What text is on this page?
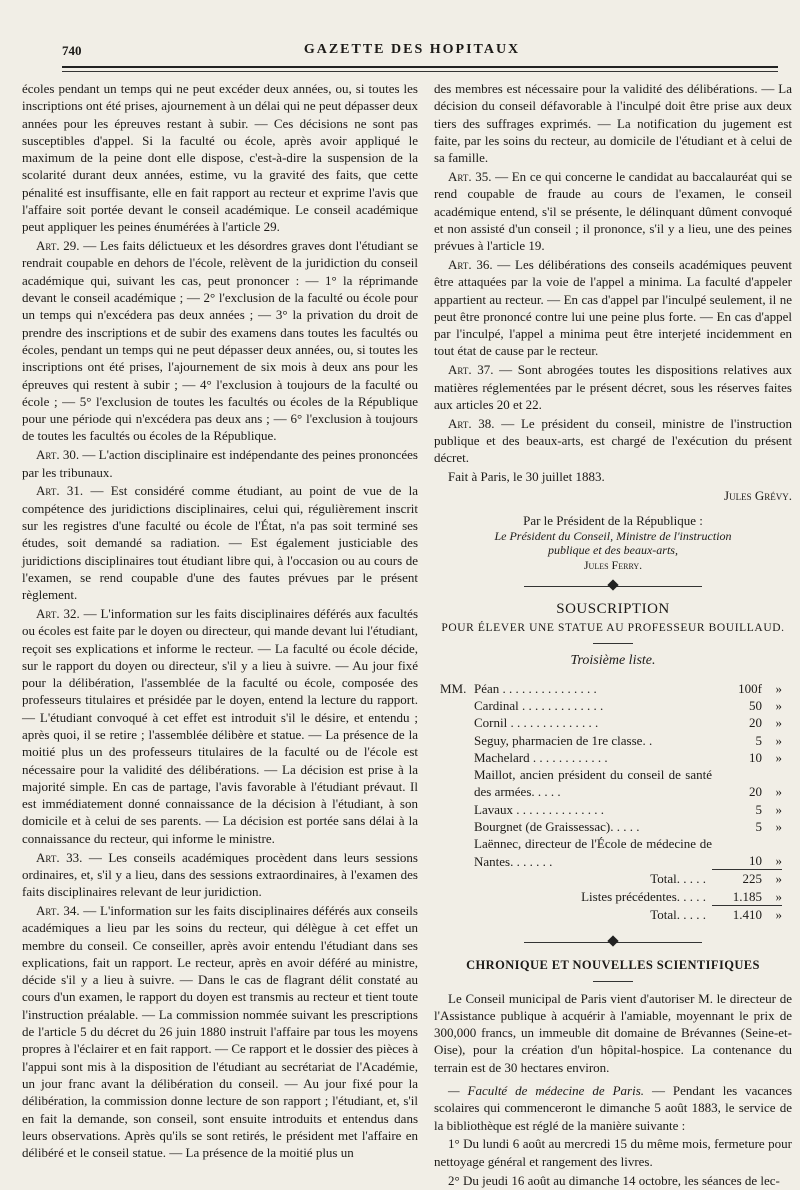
740	GAZETTE DES HOPITAUX

écoles pendant un temps qui ne peut excéder deux années, ou, si toutes les inscriptions ont été prises, ajournement à un délai qui ne peut dépasser deux années pour les épreuves restant à subir. — Ces décisions ne sont pas susceptibles d'appel. Si la faculté ou école, après avoir appliqué le maximum de la peine dont elle dispose, c'est-à-dire la suspension de la scolarité durant deux années, estime, vu la gravité des faits, que cette pénalité est insuffisante, elle en fait rapport au recteur et exprime l'avis que l'affaire soit portée devant le conseil académique. Le conseil académique peut appliquer les peines énumérées à l'article 29.

Art. 29. — Les faits délictueux et les désordres graves dont l'étudiant se rendrait coupable en dehors de l'école, relèvent de la juridiction du conseil académique qui, suivant les cas, peut prononcer : — 1° la réprimande devant le conseil académique ; — 2° l'exclusion de la faculté ou école pour un temps qui n'excédera pas deux années ; — 3° la privation du droit de prendre des inscriptions et de subir des examens dans toutes les facultés ou écoles, pendant un temps qui ne peut dépasser deux années, ou, si toutes les inscriptions ont été prises, l'ajournement de six mois à deux ans pour les épreuves qui restent à subir ; — 4° l'exclusion à toujours de la faculté ou école ; — 5° l'exclusion de toutes les facultés ou écoles de la République pour une période qui n'excédera pas deux ans ; — 6° l'exclusion à toujours de toutes les facultés ou écoles de la République.

Art. 30. — L'action disciplinaire est indépendante des peines prononcées par les tribunaux.

Art. 31. — Est considéré comme étudiant, au point de vue de la compétence des juridictions disciplinaires, celui qui, régulièrement inscrit sur les registres d'une faculté ou école de l'État, n'a pas soit terminé ses études, soit demandé sa radiation. — Est également justiciable des juridictions disciplinaires tout étudiant libre qui, à l'occasion ou au cours de l'examen, se rend coupable d'une des fautes prévues par le présent règlement.

Art. 32. — L'information sur les faits disciplinaires déférés aux facultés ou écoles est faite par le doyen ou directeur, qui mande devant lui l'étudiant, reçoit ses explications et informe le recteur. — La faculté ou école décide, sur le rapport du doyen ou directeur, s'il y a lieu à suivre. — Au jour fixé pour la délibération, l'assemblée de la faculté ou école, composée des professeurs titulaires et présidée par le doyen, entend la lecture du rapport. — L'étudiant convoqué à cet effet est introduit s'il le désire, et entendu ; après quoi, il se retire ; l'assemblée délibère et statue. — La présence de la moitié plus un des professeurs titulaires de la faculté ou de l'école est nécessaire pour la validité des délibérations. — La décision est prise à la majorité simple. En cas de partage, l'avis favorable à l'étudiant prévaut. Il est immédiatement donné connaissance de la décision à l'étudiant, à son domicile et à celui de ses parents. — La décision est portée sans délai à la connaissance du recteur, qui informe le ministre.

Art. 33. — Les conseils académiques procèdent dans leurs sessions ordinaires, et, s'il y a lieu, dans des sessions extraordinaires, à l'examen des faits disciplinaires relevant de leur juridiction.

Art. 34. — L'information sur les faits disciplinaires déférés aux conseils académiques a lieu par les soins du recteur, qui délègue à cet effet un membre du conseil. Ce conseiller, après avoir entendu l'étudiant dans ses explications, fait un rapport. Le recteur, après en avoir déféré au ministre, décide s'il y a lieu à suivre. — Dans le cas de flagrant délit constaté au cours d'un examen, le rapport du doyen est transmis au recteur et tient toute l'instruction préalable. — La commission nommée suivant les prescriptions de l'article 5 du décret du 26 juin 1880 instruit l'affaire par tous les moyens propres à l'éclairer et en fait rapport. — Ce rapport et le dossier des pièces à l'appui sont mis à la disposition de l'étudiant au secrétariat de l'Académie, un jour franc avant la délibération du conseil. — Au jour fixé pour la délibération, la commission donne lecture de son rapport ; l'étudiant, et, s'il en fait la demande, son conseil, sont ensuite introduits et entendus dans leurs observations. Après qu'ils se sont retirés, le président met l'affaire en délibéré et le conseil statue. — La présence de la moitié plus un

des membres est nécessaire pour la validité des délibérations. — La décision du conseil défavorable à l'inculpé doit être prise aux deux tiers des suffrages exprimés. — La notification du jugement est faite, par les soins du recteur, au domicile de l'étudiant et à celui de sa famille.

Art. 35. — En ce qui concerne le candidat au baccalauréat qui se rend coupable de fraude au cours de l'examen, le conseil académique entend, s'il se présente, le délinquant dûment convoqué et non assisté d'un conseil ; il prononce, s'il y a lieu, une des peines prévues à l'article 19.

Art. 36. — Les délibérations des conseils académiques peuvent être attaquées par la voie de l'appel a minima. La faculté d'appeler appartient au recteur. — En cas d'appel par l'inculpé seulement, il ne peut être prononcé contre lui une peine plus forte. — En cas d'appel par l'inculpé, l'appel a minima peut être interjeté incidemment en tout état de cause par le recteur.

Art. 37. — Sont abrogées toutes les dispositions relatives aux matières réglementées par le présent décret, sous les réserves faites aux articles 20 et 22.

Art. 38. — Le président du conseil, ministre de l'instruction publique et des beaux-arts, est chargé de l'exécution du présent décret.

Fait à Paris, le 30 juillet 1883.

Jules Grévy.
Par le Président de la République :
Le Président du Conseil, Ministre de l'instruction
publique et des beaux-arts,
Jules Ferry.
SOUSCRIPTION
POUR ÉLEVER UNE STATUE AU PROFESSEUR BOUILLAUD.
Troisième liste.
MM.	Péan . . . . . . . . . . . . . . .	100f	»
	Cardinal . . . . . . . . . . . . .	50	»
	Cornil . . . . . . . . . . . . . .	20	»
	Seguy, pharmacien de 1re classe. .	5	»
	Machelard . . . . . . . . . . . .	10	»
	Maillot, ancien président du conseil de santé des armées. . . . .	20	»
	Lavaux . . . . . . . . . . . . . .	5	»
	Bourgnet (de Graissessac). . . . .	5	»
	Laënnec, directeur de l'École de médecine de Nantes. . . . . . .	10	»
	Total. . . . .	225	»
	Listes précédentes. . . . .	1.185	»
	Total. . . . .	1.410	»
CHRONIQUE ET NOUVELLES SCIENTIFIQUES

Le Conseil municipal de Paris vient d'autoriser M. le directeur de l'Assistance publique à acquérir à l'amiable, moyennant le prix de 300,000 francs, un immeuble dit domaine de Brévannes (Seine-et-Oise), pour la création d'un hôpital-hospice. La contenance du terrain est de 30 hectares environ.

— Faculté de médecine de Paris. — Pendant les vacances scolaires qui commenceront le dimanche 5 août 1883, le service de la bibliothèque est réglé de la manière suivante :

1° Du lundi 6 août au mercredi 15 du même mois, fermeture pour nettoyage général et rangement des livres.

2° Du jeudi 16 août au dimanche 14 octobre, les séances de lec-
